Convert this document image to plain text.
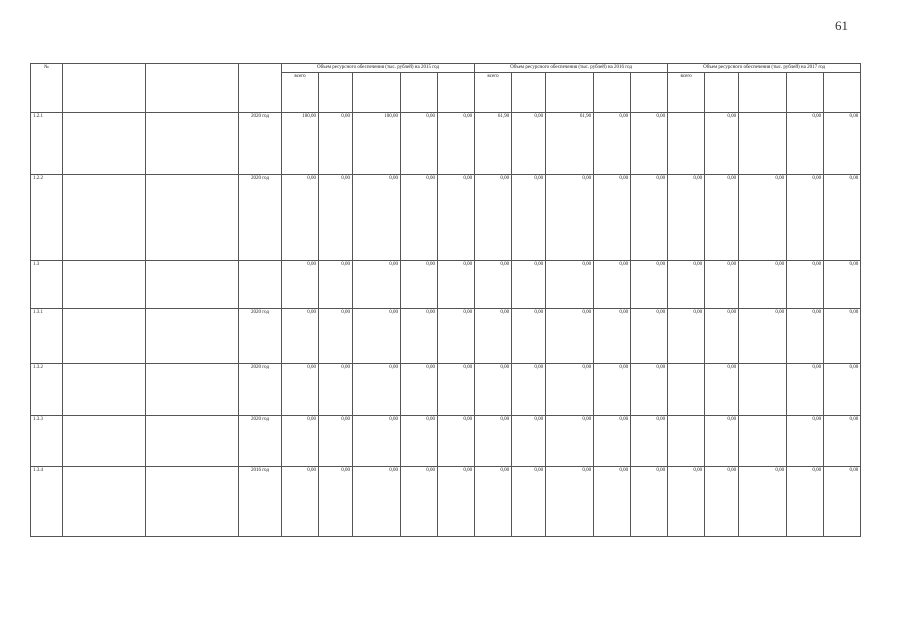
61
№				Объем ресурсного обеспечения (тыс. рублей) на 2015 год					Объем ресурсного обеспечения (тыс. рублей) на 2016 год					Объем ресурсного обеспечения (тыс. рублей) на 2017 год				
				всего					всего					всего				
1.2.1			2020 год	100,00	0,00	100,00	0,00	0,00	61,90	0,00	61,90	0,00	0,00		0,00		0,00	0,00
1.2.2			2020 год	0,00	0,00	0,00	0,00	0,00	0,00	0,00	0,00	0,00	0,00	0,00	0,00	0,00	0,00	0,00
1.3				0,00	0,00	0,00	0,00	0,00	0,00	0,00	0,00	0,00	0,00	0,00	0,00	0,00	0,00	0,00
1.3.1			2020 год	0,00	0,00	0,00	0,00	0,00	0,00	0,00	0,00	0,00	0,00	0,00	0,00	0,00	0,00	0,00
1.3.2			2020 год	0,00	0,00	0,00	0,00	0,00	0,00	0,00	0,00	0,00	0,00		0,00		0,00	0,00
1.3.3			2020 год	0,00	0,00	0,00	0,00	0,00	0,00	0,00	0,00	0,00	0,00		0,00		0,00	0,00
1.3.4			2016 год	0,00	0,00	0,00	0,00	0,00	0,00	0,00	0,00	0,00	0,00	0,00	0,00	0,00	0,00	0,00
